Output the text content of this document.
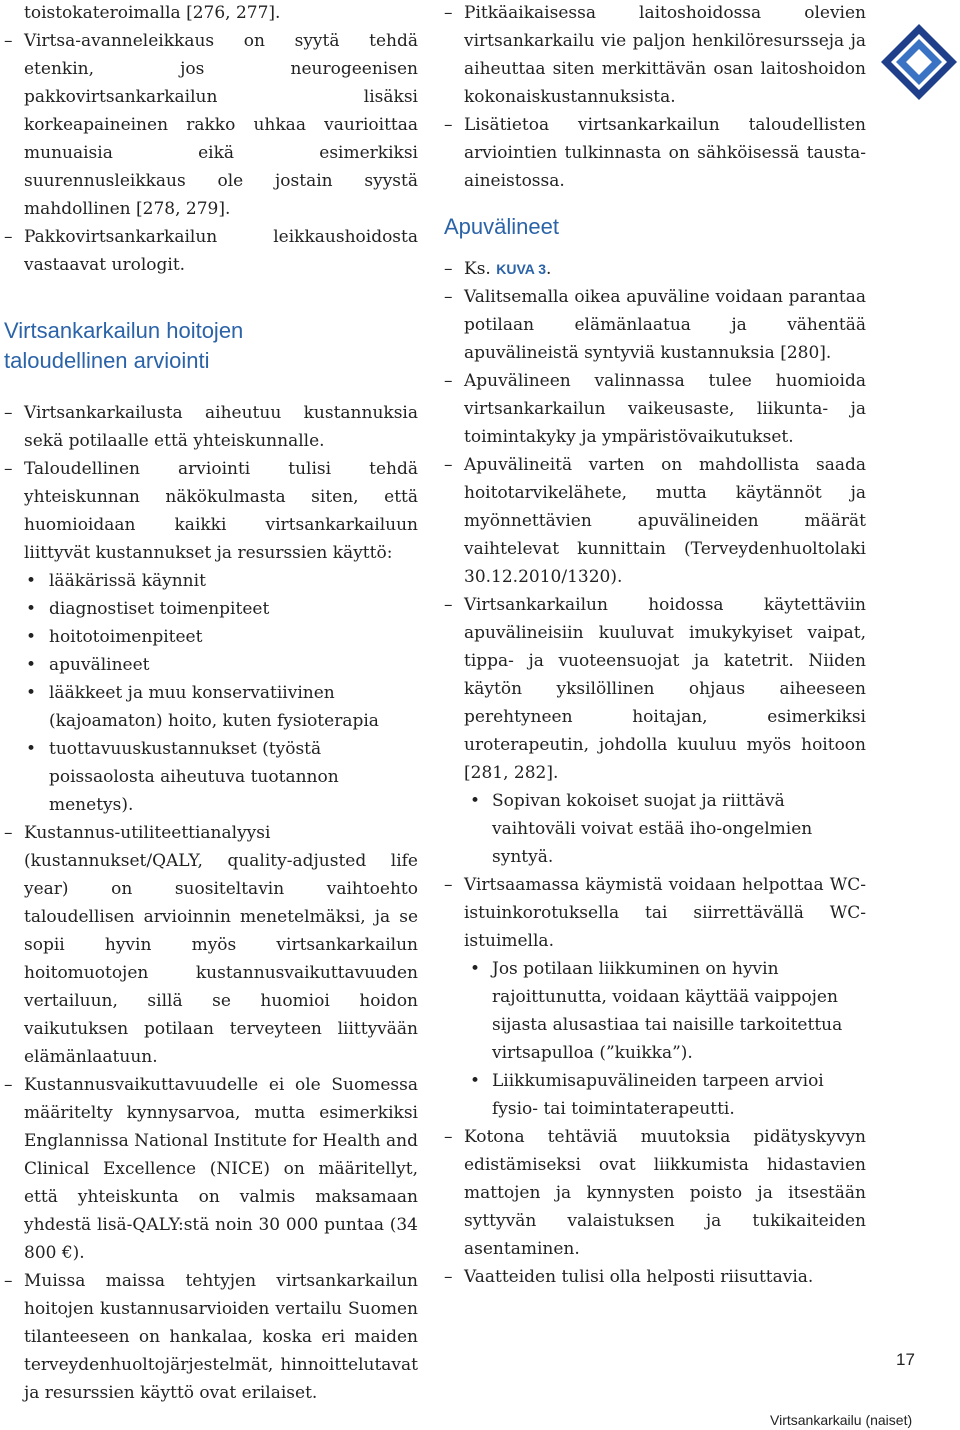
toistokateroimalla [276, 277].

– Virtsa-avanneleikkaus on syytä tehdä etenkin, jos neurogeenisen pakkovirtsankarkailun lisäksi korkeapaineinen rakko uhkaa vaurioittaa munuaisia eikä esimerkiksi suurennusleikkaus ole jostain syystä mahdollinen [278, 279].

– Pakkovirtsankarkailun leikkaushoidosta vastaavat urologit.

Virtsankarkailun hoitojen
taloudellinen arviointi

– Virtsankarkailusta aiheutuu kustannuksia sekä potilaalle että yhteiskunnalle.

– Taloudellinen arviointi tulisi tehdä yhteiskunnan näkökulmasta siten, että huomioidaan kaikki virtsankarkailuun liittyvät kustannukset ja resurssien käyttö:

• lääkärissä käynnit

• diagnostiset toimenpiteet

• hoitotoimenpiteet

• apuvälineet

• lääkkeet ja muu konservatiivinen (kajoamaton) hoito, kuten fysioterapia

• tuottavuuskustannukset (työstä poissaolosta aiheutuva tuotannon menetys).

– Kustannus-utiliteettianalyysi (kustannukset/QALY, quality-adjusted life year) on suositeltavin vaihtoehto taloudellisen arvioinnin menetelmäksi, ja se sopii hyvin myös virtsankarkailun hoitomuotojen kustannusvaikuttavuuden vertailuun, sillä se huomioi hoidon vaikutuksen potilaan terveyteen liittyvään elämänlaatuun.

– Kustannusvaikuttavuudelle ei ole Suomessa määritelty kynnysarvoa, mutta esimerkiksi Englannissa National Institute for Health and Clinical Excellence (NICE) on määritellyt, että yhteiskunta on valmis maksamaan yhdestä lisä-QALY:stä noin 30 000 puntaa (34 800 €).

– Muissa maissa tehtyjen virtsankarkailun hoitojen kustannusarvioiden vertailu Suomen tilanteeseen on hankalaa, koska eri maiden terveydenhuoltojärjestelmät, hinnoittelutavat ja resurssien käyttö ovat erilaiset.

– Pitkäaikaisessa laitoshoidossa olevien virtsankarkailu vie paljon henkilöresursseja ja aiheuttaa siten merkittävän osan laitoshoidon kokonaiskustannuksista.

– Lisätietoa virtsankarkailun taloudellisten arviointien tulkinnasta on sähköisessä tausta-aineistossa.

Apuvälineet

– Ks. KUVA 3.

– Valitsemalla oikea apuväline voidaan parantaa potilaan elämänlaatua ja vähentää apuvälineistä syntyviä kustannuksia [280].

– Apuvälineen valinnassa tulee huomioida virtsankarkailun vaikeusaste, liikunta- ja toimintakyky ja ympäristövaikutukset.

– Apuvälineitä varten on mahdollista saada hoitotarvikelähete, mutta käytännöt ja myönnettävien apuvälineiden määrät vaihtelevat kunnittain (Terveydenhuoltolaki 30.12.2010/1320).

– Virtsankarkailun hoidossa käytettäviin apuvälineisiin kuuluvat imukykyiset vaipat, tippa- ja vuoteensuojat ja katetrit. Niiden käytön yksilöllinen ohjaus aiheeseen perehtyneen hoitajan, esimerkiksi uroterapeutin, johdolla kuuluu myös hoitoon [281, 282].

• Sopivan kokoiset suojat ja riittävä vaihtoväli voivat estää iho-ongelmien syntyä.

– Virtsaamassa käymistä voidaan helpottaa WC-istuinkorotuksella tai siirrettävällä WC-istuimella.

• Jos potilaan liikkuminen on hyvin rajoittunutta, voidaan käyttää vaippojen sijasta alusastiaa tai naisille tarkoitettua virtsapulloa (”kuikka”).

• Liikkumisapuvälineiden tarpeen arvioi fysio- tai toimintaterapeutti.

– Kotona tehtäviä muutoksia pidätyskyvyn edistämiseksi ovat liikkumista hidastavien mattojen ja kynnysten poisto ja itsestään syttyvän valaistuksen ja tukikaiteiden asentaminen.

– Vaatteiden tulisi olla helposti riisuttavia.

17
Virtsankarkailu (naiset)
